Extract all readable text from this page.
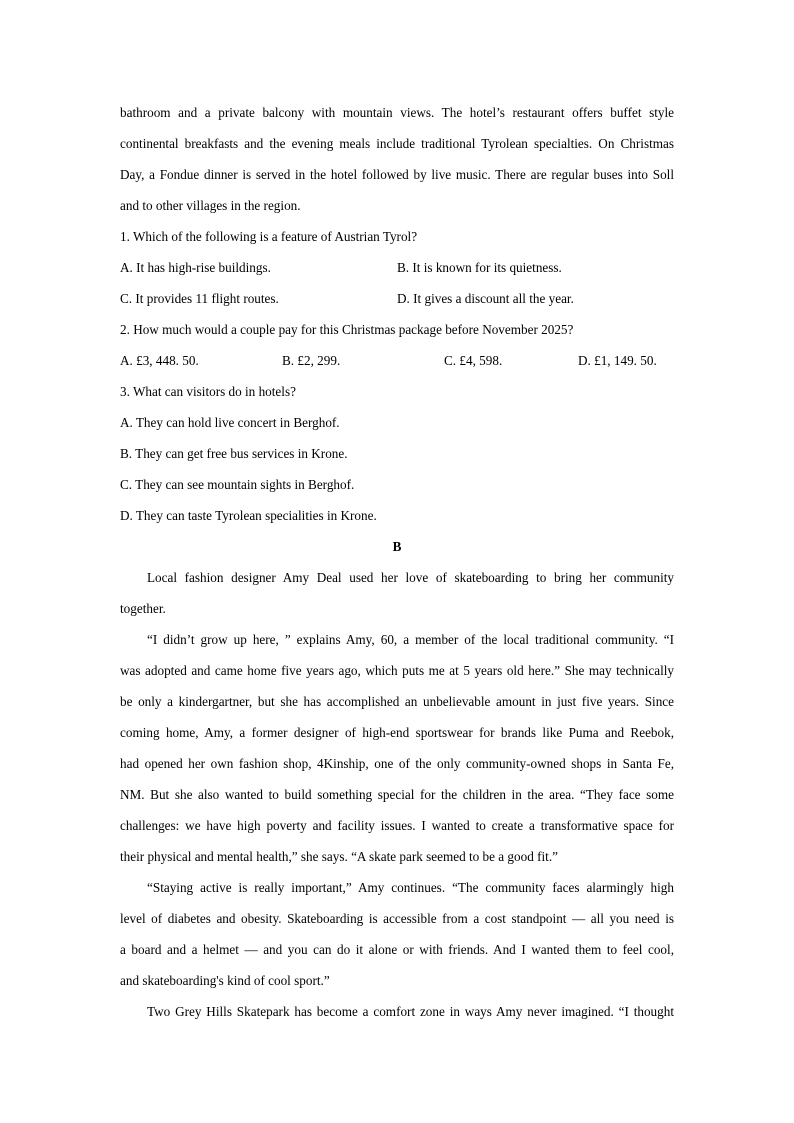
bathroom and a private balcony with mountain views. The hotel’s restaurant offers buffet style

continental breakfasts and the evening meals include traditional Tyrolean specialties. On Christmas

Day, a Fondue dinner is served in the hotel followed by live music. There are regular buses into Soll

and to other villages in the region.

1. Which of the following is a feature of Austrian Tyrol?

A. It has high-rise buildings.	B. It is known for its quietness.
C. It provides 11 flight routes.	D. It gives a discount all the year.

2. How much would a couple pay for this Christmas package before November 2025?

A. £3, 448. 50.	B. £2, 299.	C. £4, 598.	D. £1, 149. 50.

3. What can visitors do in hotels?

A. They can hold live concert in Berghof.

B. They can get free bus services in Krone.

C. They can see mountain sights in Berghof.

D. They can taste Tyrolean specialities in Krone.

B

Local fashion designer Amy Deal used her love of skateboarding to bring her community

together.

“I didn’t grow up here, ” explains Amy, 60, a member of the local traditional community. “I

was adopted and came home five years ago, which puts me at 5 years old here.” She may technically

be only a kindergartner, but she has accomplished an unbelievable amount in just five years. Since

coming home, Amy, a former designer of high-end sportswear for brands like Puma and Reebok,

had opened her own fashion shop, 4Kinship, one of the only community-owned shops in Santa Fe,

NM. But she also wanted to build something special for the children in the area. “They face some

challenges: we have high poverty and facility issues. I wanted to create a transformative space for

their physical and mental health,” she says. “A skate park seemed to be a good fit.”

“Staying active is really important,” Amy continues. “The community faces alarmingly high

level of diabetes and obesity. Skateboarding is accessible from a cost standpoint — all you need is

a board and a helmet — and you can do it alone or with friends. And I wanted them to feel cool,

and skateboarding's kind of cool sport.”

Two Grey Hills Skatepark has become a comfort zone in ways Amy never imagined. “I thought
